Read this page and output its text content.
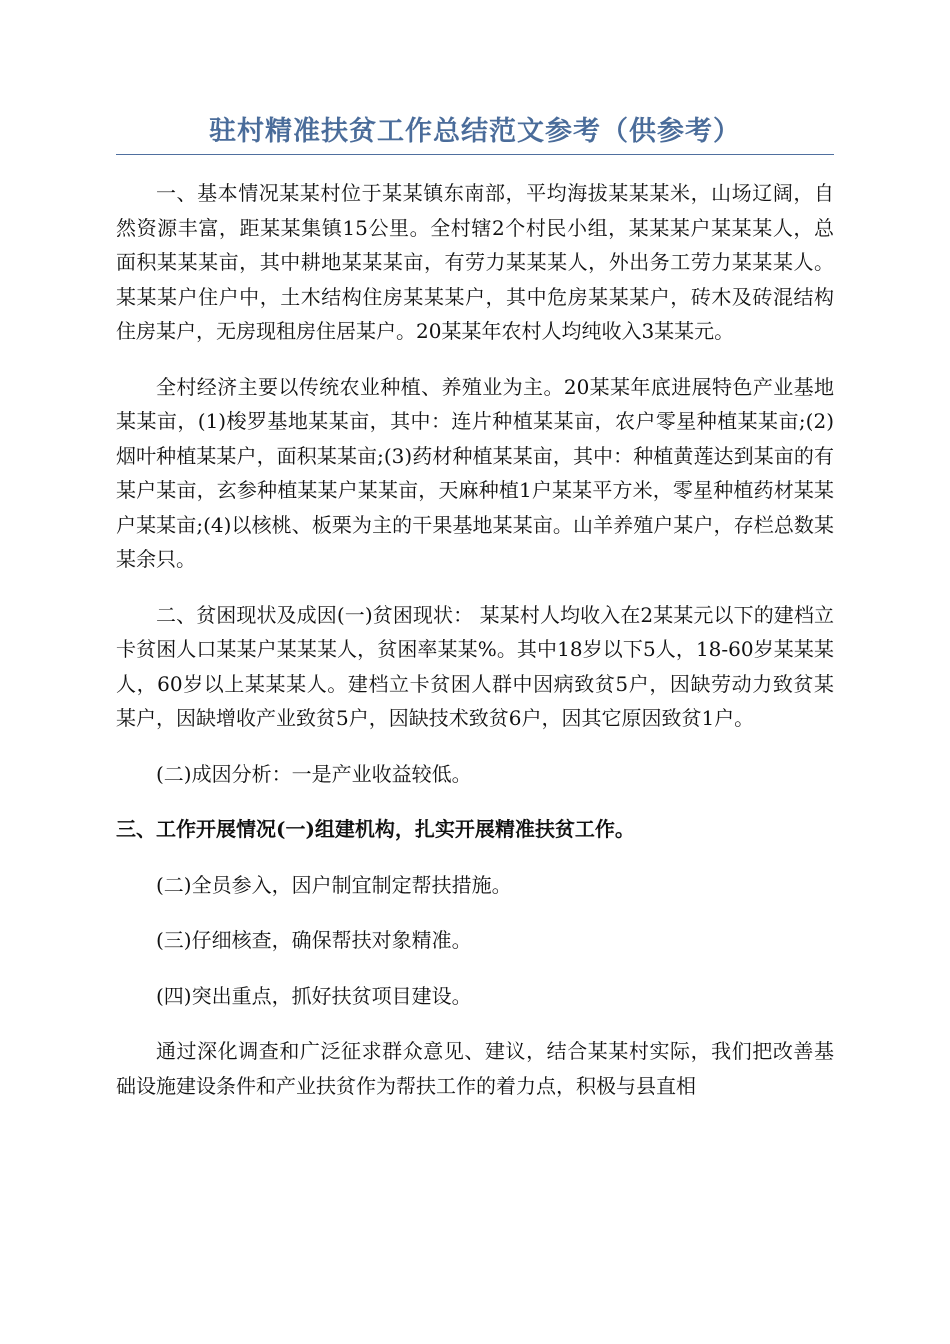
驻村精准扶贫工作总结范文参考（供参考）

一、基本情况某某村位于某某镇东南部，平均海拔某某某米，山场辽阔，自然资源丰富，距某某集镇15公里。全村辖2个村民小组，某某某户某某某人，总面积某某某亩，其中耕地某某某亩，有劳力某某某人，外出务工劳力某某某人。某某某户住户中，土木结构住房某某某户，其中危房某某某户，砖木及砖混结构住房某户，无房现租房住居某户。20某某年农村人均纯收入3某某元。

全村经济主要以传统农业种植、养殖业为主。20某某年底进展特色产业基地某某亩，(1)梭罗基地某某亩，其中：连片种植某某亩，农户零星种植某某亩;(2)烟叶种植某某户，面积某某亩;(3)药材种植某某亩，其中：种植黄莲达到某亩的有某户某亩，玄参种植某某户某某亩，天麻种植1户某某平方米，零星种植药材某某户某某亩;(4)以核桃、板栗为主的干果基地某某亩。山羊养殖户某户，存栏总数某某余只。

二、贫困现状及成因(一)贫困现状： 某某村人均收入在2某某元以下的建档立卡贫困人口某某户某某某人，贫困率某某%。其中18岁以下5人，18-60岁某某某人，60岁以上某某某人。建档立卡贫困人群中因病致贫5户，因缺劳动力致贫某某户，因缺增收产业致贫5户，因缺技术致贫6户，因其它原因致贫1户。

(二)成因分析：一是产业收益较低。

三、工作开展情况(一)组建机构，扎实开展精准扶贫工作。

(二)全员参入，因户制宜制定帮扶措施。

(三)仔细核查，确保帮扶对象精准。

(四)突出重点，抓好扶贫项目建设。

通过深化调查和广泛征求群众意见、建议，结合某某村实际，我们把改善基础设施建设条件和产业扶贫作为帮扶工作的着力点，积极与县直相
